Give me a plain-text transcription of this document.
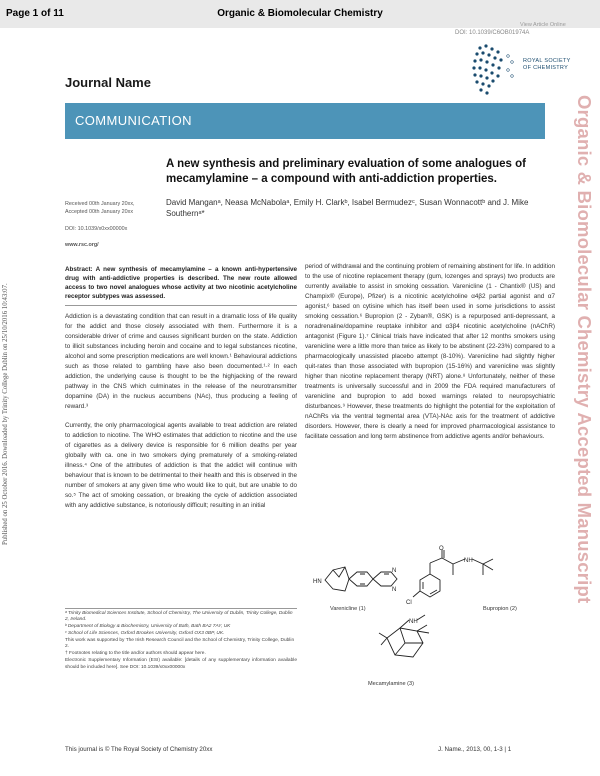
Page 1 of 11	Organic & Biomolecular Chemistry
View Article Online
DOI: 10.1039/C6OB01974A
ROYAL SOCIETY
OF CHEMISTRY
Journal Name
COMMUNICATION
Published on 25 October 2016. Downloaded by Trinity College Dublin on 25/10/2016 10:43:07.	Organic & Biomolecular Chemistry Accepted Manuscript
A new synthesis and preliminary evaluation of some analogues of mecamylamine – a compound with anti-addiction properties.
David Manganᵃ, Neasa McNabolaᵃ, Emily H. Clarkᵇ, Isabel Bermudezᶜ, Susan Wonnacottᵇ and J. Mike Southernᵃ*
Received 00th January 20xx,
Accepted 00th January 20xx
DOI: 10.1039/x0xx00000x
www.rsc.org/
Abstract: A new synthesis of mecamylamine – a known anti-hypertensive drug with anti-addictive properties is described. The new route allowed access to two novel analogues whose activity at two nicotinic acetylcholine receptor subtypes was assessed.

Addiction is a devastating condition that can result in a dramatic loss of life quality for the addict and those closely associated with them. Furthermore it is a considerable driver of crime and causes significant burden on the state. Addiction to illicit substances including heroin and cocaine and to legal substances nicotine, alcohol and some prescription medications are well known.¹ Behavioural addictions such as those related to gambling have also been documented.¹·² In each addiction, the underlying cause is thought to be the highjacking of the reward pathway in the CNS which culminates in the release of the neurotransmitter dopamine (DA) in the nucleus accumbens (NAc), thus producing a feeling of reward.³

Currently, the only pharmacological agents available to treat addiction are related to addiction to nicotine. The WHO estimates that addiction to nicotine and the use of cigarettes as a delivery device is responsible for 6 million deaths per year globally with ca. one in two smokers dying prematurely of a smoking-related illness.⁴ One of the attributes of addiction is that the addict will continue with behaviour that is known to be detrimental to their health and this is observed in the number of smokers at any given time who would like to quit, but are unable to do so.⁵ The act of smoking cessation, or breaking the cycle of addiction associated with any addictive substance, is notoriously difficult; resulting in an initial

period of withdrawal and the continuing problem of remaining abstinent for life. In addition to the use of nicotine replacement therapy (gum, lozenges and sprays) two products are currently available to assist in smoking cessation. Varenicline (1 - Chantix® (US) and Champix® (Europe), Pfizer) is a nicotinic acetylcholine α4β2 partial agonist and α7 agonist,⁶ based on cytisine which has itself been used in some jurisdictions to assist smoking cessation.⁶ Bupropion (2 - Zyban®, GSK) is a repurposed anti-depressant, a noradrenaline/dopamine reuptake inhibitor and α3β4 nicotinic acetylcholine (nAChR) antagonist (Figure 1).⁷ Clinical trials have indicated that after 12 months smokers using varenicline were a little more than twice as likely to be abstinent (22-23%) compared to a pharmacologically unassisted placebo attempt (8-10%). Varenicline had slightly higher quit-rates than those associated with bupropion (15-16%) and varenicline was slightly higher than nicotine replacement therapy (NRT) alone.⁸ Unfortunately, neither of these treatments is universally successful and in 2009 the FDA required manufacturers of varenicline and bupropion to add boxed warnings related to neuropsychiatric disturbances.⁹ However, these treatments do highlight the potential for the exploitation of nAChRs via the ventral tegmental area (VTA)-NAc axis for the treatment of addictive disorders. However, there is clearly a need for improved pharmacological assistance to facilitate cessation and long term abstinence from addictive agents and/or behaviours.

HN
N
N
Varenicline (1)
O
NH
Cl
Bupropion (2)
NH
Mecamylamine (3)

ᵃ Trinity Biomedical Sciences Institute, School of Chemistry, The University of Dublin, Trinity College, Dublin 2, Ireland.

ᵇ Department of Biology & Biochemistry, University of Bath, Bath BA2 7AY, UK

ᶜ School of Life Sciences, Oxford Brookes University, Oxford OX3 0BP, UK.

This work was supported by The Irish Research Council and the School of Chemistry, Trinity College, Dublin 2.

† Footnotes relating to the title and/or authors should appear here.

Electronic Supplementary Information (ESI) available: [details of any supplementary information available should be included here]. See DOI: 10.1039/x0xx00000x

This journal is © The Royal Society of Chemistry 20xx	J. Name., 2013, 00, 1-3 | 1
